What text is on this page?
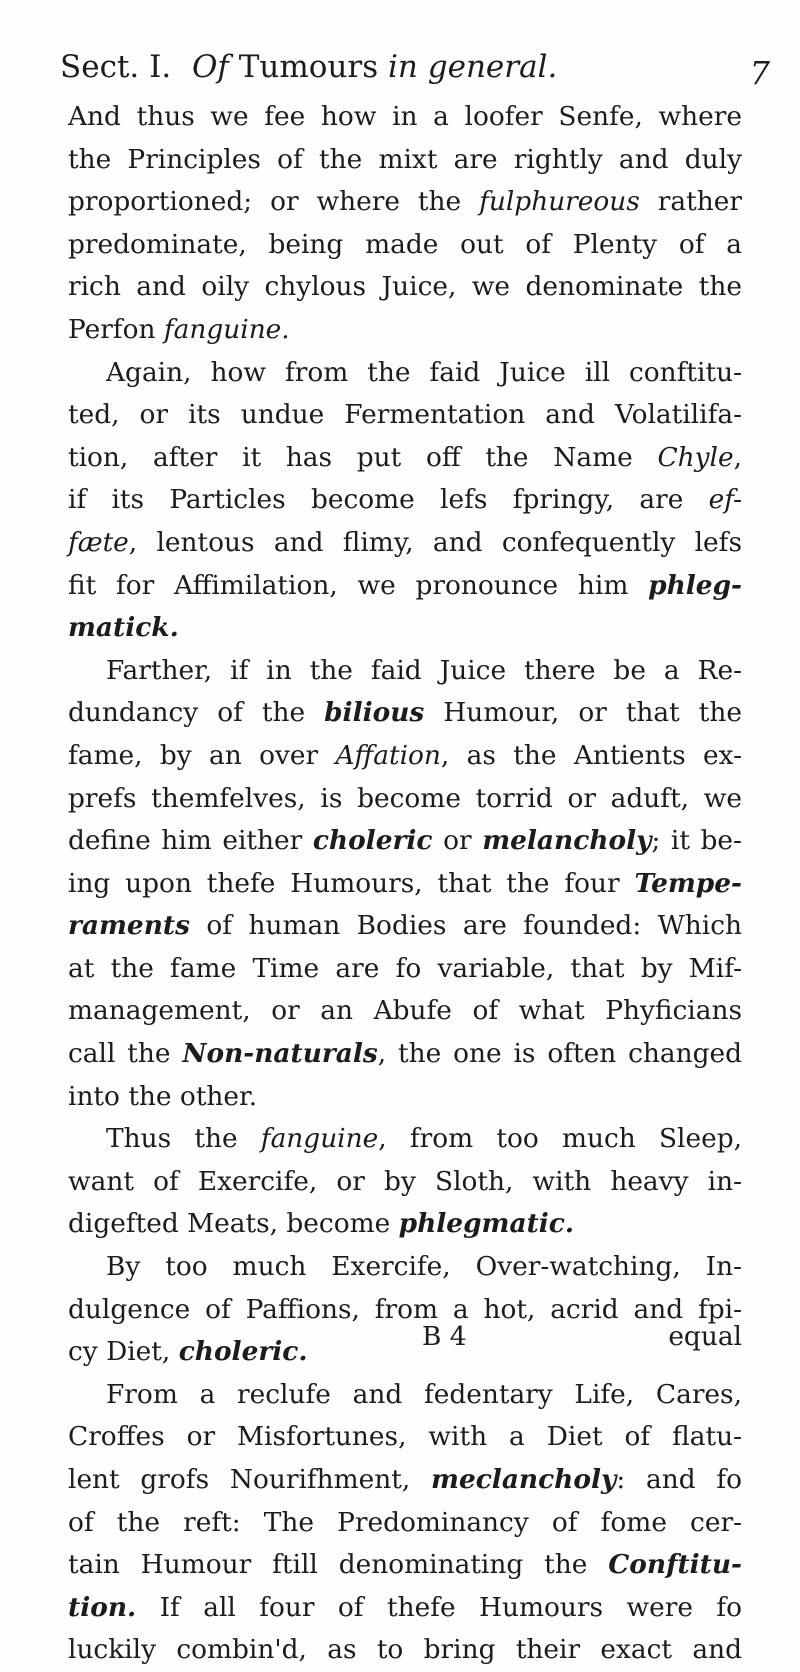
Sect. I. Of Tumours in general.	7
And thus we fee how in a loofer Senfe, where
the Principles of the mixt are rightly and duly
proportioned; or where the fulphureous rather
predominate, being made out of Plenty of a
rich and oily chylous Juice, we denominate the
Perfon fanguine.
Again, how from the faid Juice ill conftitu-
ted, or its undue Fermentation and Volatilifa-
tion, after it has put off the Name Chyle,
if its Particles become lefs fpringy, are ef-
fæte, lentous and flimy, and confequently lefs
fit for Affimilation, we pronounce him phleg-
matick.
Farther, if in the faid Juice there be a Re-
dundancy of the bilious Humour, or that the
fame, by an over Affation, as the Antients ex-
prefs themfelves, is become torrid or aduft, we
define him either choleric or melancholy; it be-
ing upon thefe Humours, that the four Tempe-
raments of human Bodies are founded: Which
at the fame Time are fo variable, that by Mif-
management, or an Abufe of what Phyficians
call the Non-naturals, the one is often changed
into the other.
Thus the fanguine, from too much Sleep,
want of Exercife, or by Sloth, with heavy in-
digefted Meats, become phlegmatic.
By too much Exercife, Over-watching, In-
dulgence of Paffions, from a hot, acrid and fpi-
cy Diet, choleric.
From a reclufe and fedentary Life, Cares,
Croffes or Misfortunes, with a Diet of flatu-
lent grofs Nourifhment, meclancholy: and fo
of the reft: The Predominancy of fome cer-
tain Humour ftill denominating the Conftitu-
tion. If all four of thefe Humours were fo
luckily combin'd, as to bring their exact and
B 4	equal
